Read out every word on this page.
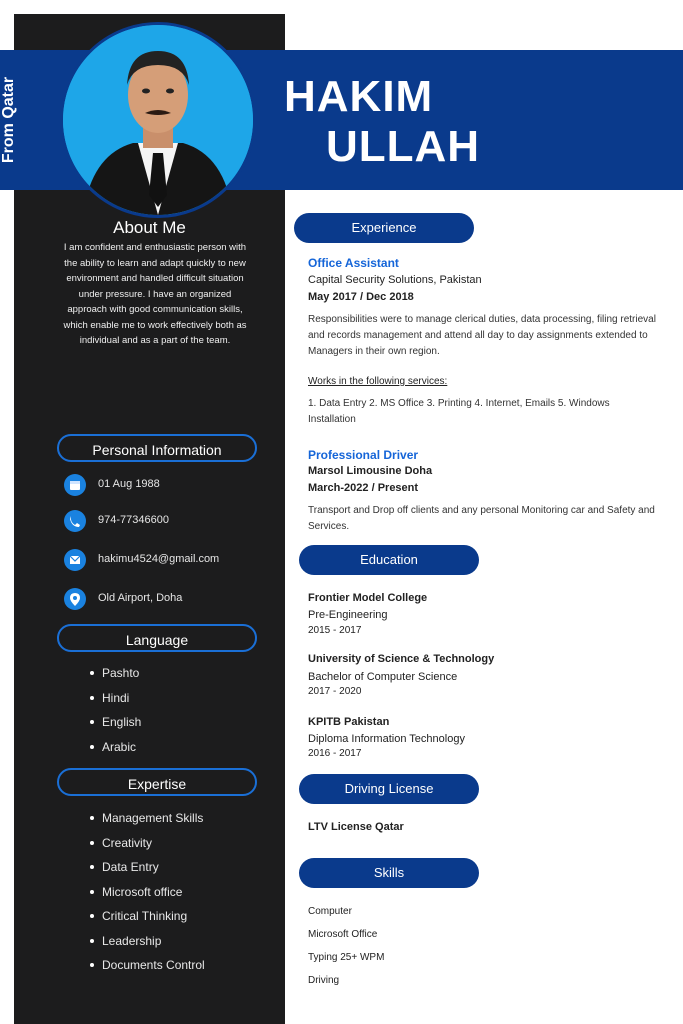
From Qatar	HAKIM
ULLAH
About Me
I am confident and enthusiastic person with the ability to learn and adapt quickly to new environment and handled difficult situation under pressure. I have an organized approach with good communication skills, which enable me to work effectively both as individual and as a part of the team.
Personal Information
01 Aug 1988
974-77346600
hakimu4524@gmail.com
Old Airport, Doha
Language
Pashto
Hindi
English
Arabic
Expertise
Management Skills
Creativity
Data Entry
Microsoft office
Critical Thinking
Leadership
Documents Control
Experience
Office Assistant
Capital Security Solutions, Pakistan
May 2017 / Dec 2018
Responsibilities were to manage clerical duties, data processing, filing retrieval and records management and attend all day to day assignments extended to Managers in their own region.
Works in the following services:
1. Data Entry 2. MS Office 3. Printing 4. Internet, Emails 5. Windows Installation
Professional Driver
Marsol Limousine Doha
March-2022 / Present
Transport and Drop off clients and any personal Monitoring car and Safety and Services.
Education
Frontier Model College
Pre-Engineering
2015 - 2017
University of Science & Technology
Bachelor of Computer Science
2017 - 2020
KPITB Pakistan
Diploma Information Technology
2016 - 2017
Driving License
LTV License Qatar
Skills
Computer
Microsoft Office
Typing 25+ WPM
Driving
